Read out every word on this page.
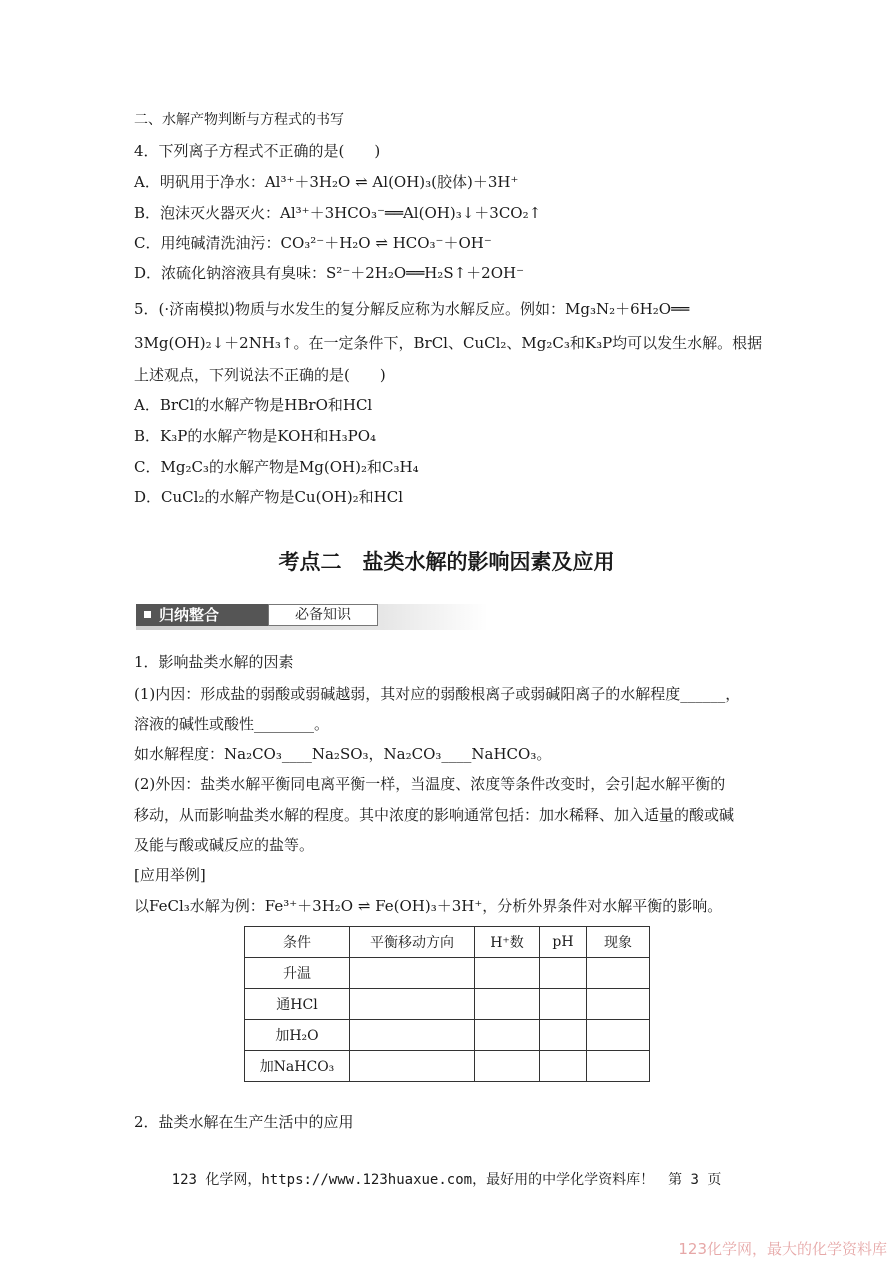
二、水解产物判断与方程式的书写
4．下列离子方程式不正确的是(　　)
A．明矾用于净水：Al³⁺＋3H₂O ⇌ Al(OH)₃(胶体)＋3H⁺
B．泡沫灭火器灭火：Al³⁺＋3HCO₃⁻══Al(OH)₃↓＋3CO₂↑
C．用纯碱清洗油污：CO₃²⁻＋H₂O ⇌ HCO₃⁻＋OH⁻
D．浓硫化钠溶液具有臭味：S²⁻＋2H₂O══H₂S↑＋2OH⁻
5．(·济南模拟)物质与水发生的复分解反应称为水解反应。例如：Mg₃N₂＋6H₂O══
3Mg(OH)₂↓＋2NH₃↑。在一定条件下，BrCl、CuCl₂、Mg₂C₃和K₃P均可以发生水解。根据
上述观点，下列说法不正确的是(　　)
A．BrCl的水解产物是HBrO和HCl
B．K₃P的水解产物是KOH和H₃PO₄
C．Mg₂C₃的水解产物是Mg(OH)₂和C₃H₄
D．CuCl₂的水解产物是Cu(OH)₂和HCl
考点二　盐类水解的影响因素及应用
归纳整合	必备知识
1．影响盐类水解的因素
(1)内因：形成盐的弱酸或弱碱越弱，其对应的弱酸根离子或弱碱阳离子的水解程度______，
溶液的碱性或酸性________。
如水解程度：Na₂CO₃____Na₂SO₃，Na₂CO₃____NaHCO₃。
(2)外因：盐类水解平衡同电离平衡一样，当温度、浓度等条件改变时，会引起水解平衡的
移动，从而影响盐类水解的程度。其中浓度的影响通常包括：加水稀释、加入适量的酸或碱
及能与酸或碱反应的盐等。
[应用举例]
以FeCl₃水解为例：Fe³⁺＋3H₂O ⇌ Fe(OH)₃＋3H⁺，分析外界条件对水解平衡的影响。
条件	平衡移动方向	H⁺数	pH	现象
升温				
通HCl				
加H₂O				
加NaHCO₃				
2．盐类水解在生产生活中的应用
123 化学网，https://www.123huaxue.com，最好用的中学化学资料库！　第 3 页
123化学网，最大的化学资料库
